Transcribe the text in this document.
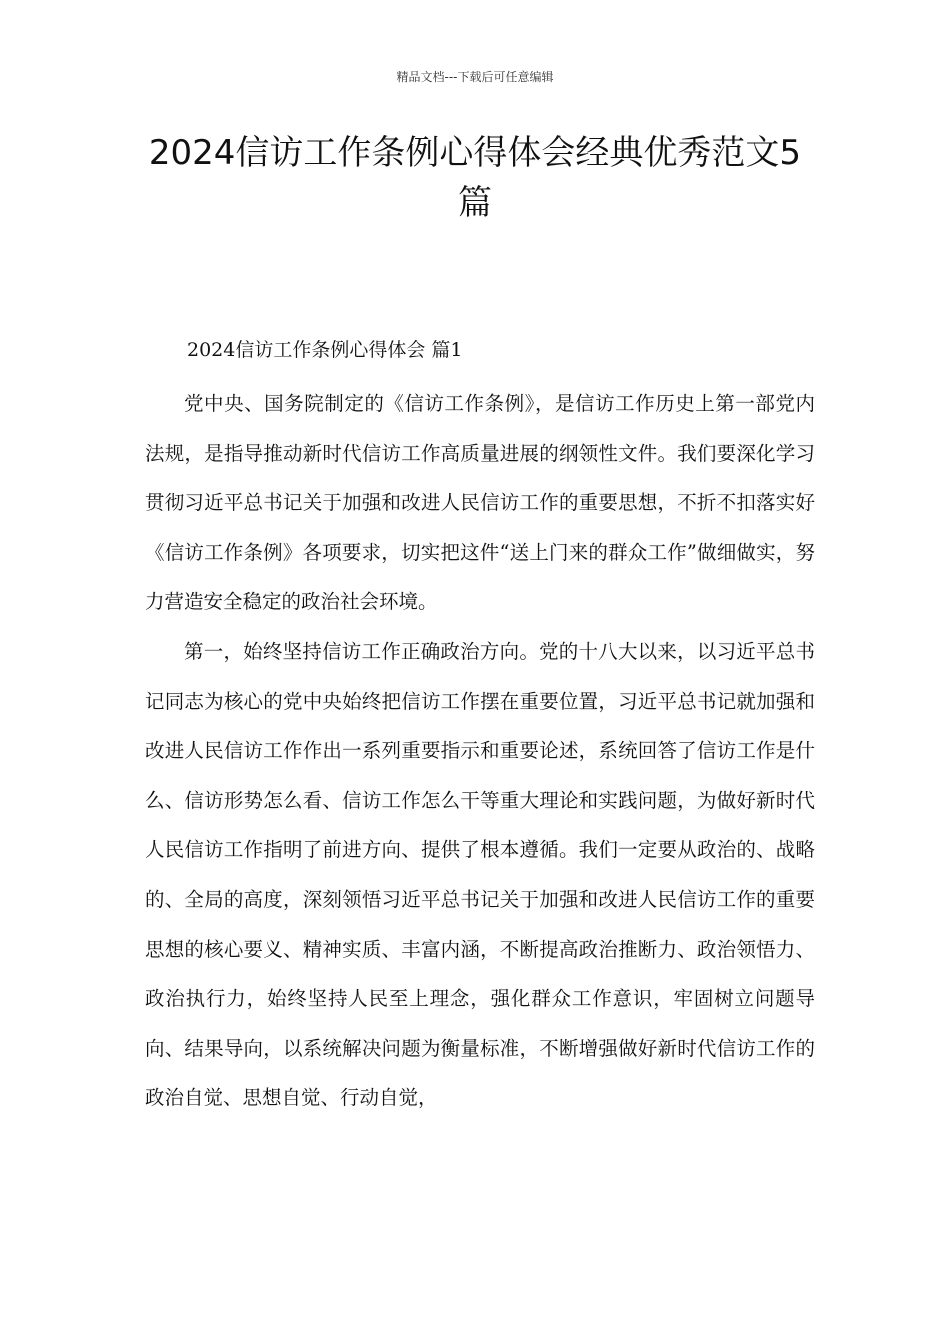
精品文档---下载后可任意编辑
2024信访工作条例心得体会经典优秀范文5篇

2024信访工作条例心得体会 篇1

党中央、国务院制定的《信访工作条例》，是信访工作历史上第一部党内法规，是指导推动新时代信访工作高质量进展的纲领性文件。我们要深化学习贯彻习近平总书记关于加强和改进人民信访工作的重要思想，不折不扣落实好《信访工作条例》各项要求，切实把这件“送上门来的群众工作”做细做实，努力营造安全稳定的政治社会环境。

第一，始终坚持信访工作正确政治方向。党的十八大以来，以习近平总书记同志为核心的党中央始终把信访工作摆在重要位置，习近平总书记就加强和改进人民信访工作作出一系列重要指示和重要论述，系统回答了信访工作是什么、信访形势怎么看、信访工作怎么干等重大理论和实践问题，为做好新时代人民信访工作指明了前进方向、提供了根本遵循。我们一定要从政治的、战略的、全局的高度，深刻领悟习近平总书记关于加强和改进人民信访工作的重要思想的核心要义、精神实质、丰富内涵，不断提高政治推断力、政治领悟力、政治执行力，始终坚持人民至上理念，强化群众工作意识，牢固树立问题导向、结果导向，以系统解决问题为衡量标准，不断增强做好新时代信访工作的政治自觉、思想自觉、行动自觉，
